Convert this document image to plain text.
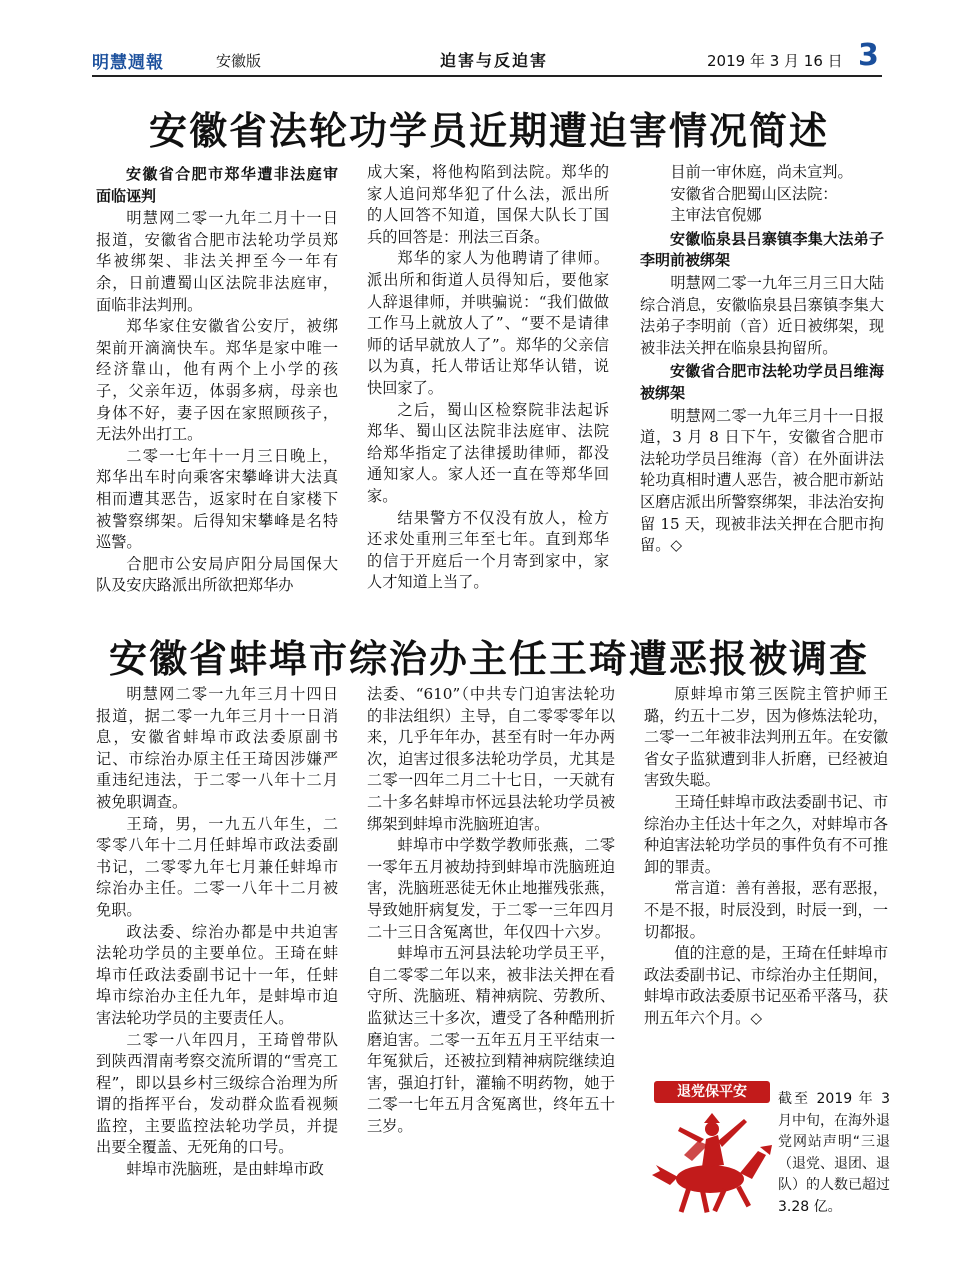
明慧週報	安徽版	迫害与反迫害	2019 年 3 月 16 日 3
安徽省法轮功学员近期遭迫害情况简述
安徽省合肥市郑华遭非法庭审　面临诬判

明慧网二零一九年二月十一日报道，安徽省合肥市法轮功学员郑华被绑架、非法关押至今一年有余，日前遭蜀山区法院非法庭审，面临非法判刑。

郑华家住安徽省公安厅，被绑架前开滴滴快车。郑华是家中唯一经济靠山，他有两个上小学的孩子，父亲年迈，体弱多病，母亲也身体不好，妻子因在家照顾孩子，无法外出打工。

二零一七年十一月三日晚上，郑华出车时向乘客宋攀峰讲大法真相而遭其恶告，返家时在自家楼下被警察绑架。后得知宋攀峰是名特巡警。

合肥市公安局庐阳分局国保大队及安庆路派出所欲把郑华办

成大案，将他构陷到法院。郑华的家人追问郑华犯了什么法，派出所的人回答不知道，国保大队长丁国兵的回答是：刑法三百条。

郑华的家人为他聘请了律师。派出所和街道人员得知后，要他家人辞退律师，并哄骗说：“我们做做工作马上就放人了”、“要不是请律师的话早就放人了”。郑华的父亲信以为真，托人带话让郑华认错，说快回家了。

之后，蜀山区检察院非法起诉郑华、蜀山区法院非法庭审、法院给郑华指定了法律援助律师，都没通知家人。家人还一直在等郑华回家。

结果警方不仅没有放人，检方还求处重刑三年至七年。直到郑华的信于开庭后一个月寄到家中，家人才知道上当了。

目前一审休庭，尚未宣判。

安徽省合肥蜀山区法院：

主审法官倪娜

安徽临泉县吕寨镇李集大法弟子李明前被绑架

明慧网二零一九年三月三日大陆综合消息，安徽临泉县吕寨镇李集大法弟子李明前（音）近日被绑架，现被非法关押在临泉县拘留所。

安徽省合肥市法轮功学员吕维海被绑架

明慧网二零一九年三月十一日报道，3 月 8 日下午，安徽省合肥市法轮功学员吕维海（音）在外面讲法轮功真相时遭人恶告，被合肥市新站区磨店派出所警察绑架，非法治安拘留 15 天，现被非法关押在合肥市拘留。◇

安徽省蚌埠市综治办主任王琦遭恶报被调查

明慧网二零一九年三月十四日报道，据二零一九年三月十一日消息，安徽省蚌埠市政法委原副书记、市综治办原主任王琦因涉嫌严重违纪违法，于二零一八年十二月被免职调查。

王琦，男，一九五八年生，二零零八年十二月任蚌埠市政法委副书记，二零零九年七月兼任蚌埠市综治办主任。二零一八年十二月被免职。

政法委、综治办都是中共迫害法轮功学员的主要单位。王琦在蚌埠市任政法委副书记十一年，任蚌埠市综治办主任九年，是蚌埠市迫害法轮功学员的主要责任人。

二零一八年四月，王琦曾带队到陕西渭南考察交流所谓的“雪亮工程”，即以县乡村三级综合治理为所谓的指挥平台，发动群众监看视频监控，主要监控法轮功学员，并提出要全覆盖、无死角的口号。

蚌埠市洗脑班，是由蚌埠市政

法委、“610”（中共专门迫害法轮功的非法组织）主导，自二零零零年以来，几乎年年办，甚至有时一年办两次，迫害过很多法轮功学员，尤其是二零一四年二月二十七日，一天就有二十多名蚌埠市怀远县法轮功学员被绑架到蚌埠市洗脑班迫害。

蚌埠市中学数学教师张燕，二零一零年五月被劫持到蚌埠市洗脑班迫害，洗脑班恶徒无休止地摧残张燕，导致她肝病复发，于二零一三年四月二十三日含冤离世，年仅四十六岁。

蚌埠市五河县法轮功学员王平，自二零零二年以来，被非法关押在看守所、洗脑班、精神病院、劳教所、监狱达三十多次，遭受了各种酷刑折磨迫害。二零一五年五月王平结束一年冤狱后，还被拉到精神病院继续迫害，强迫打针，灌输不明药物，她于二零一七年五月含冤离世，终年五十三岁。

原蚌埠市第三医院主管护师王璐，约五十二岁，因为修炼法轮功，二零一二年被非法判刑五年。在安徽省女子监狱遭到非人折磨，已经被迫害致失聪。

王琦任蚌埠市政法委副书记、市综治办主任达十年之久，对蚌埠市各种迫害法轮功学员的事件负有不可推卸的罪责。

常言道：善有善报，恶有恶报，不是不报，时辰没到，时辰一到，一切都报。

值的注意的是，王琦在任蚌埠市政法委副书记、市综治办主任期间，蚌埠市政法委原书记巫希平落马，获刑五年六个月。◇

退党保平安	截至 2019 年 3 月中旬，在海外退党网站声明“三退（退党、退团、退队）的人数已超过 3.28 亿。
